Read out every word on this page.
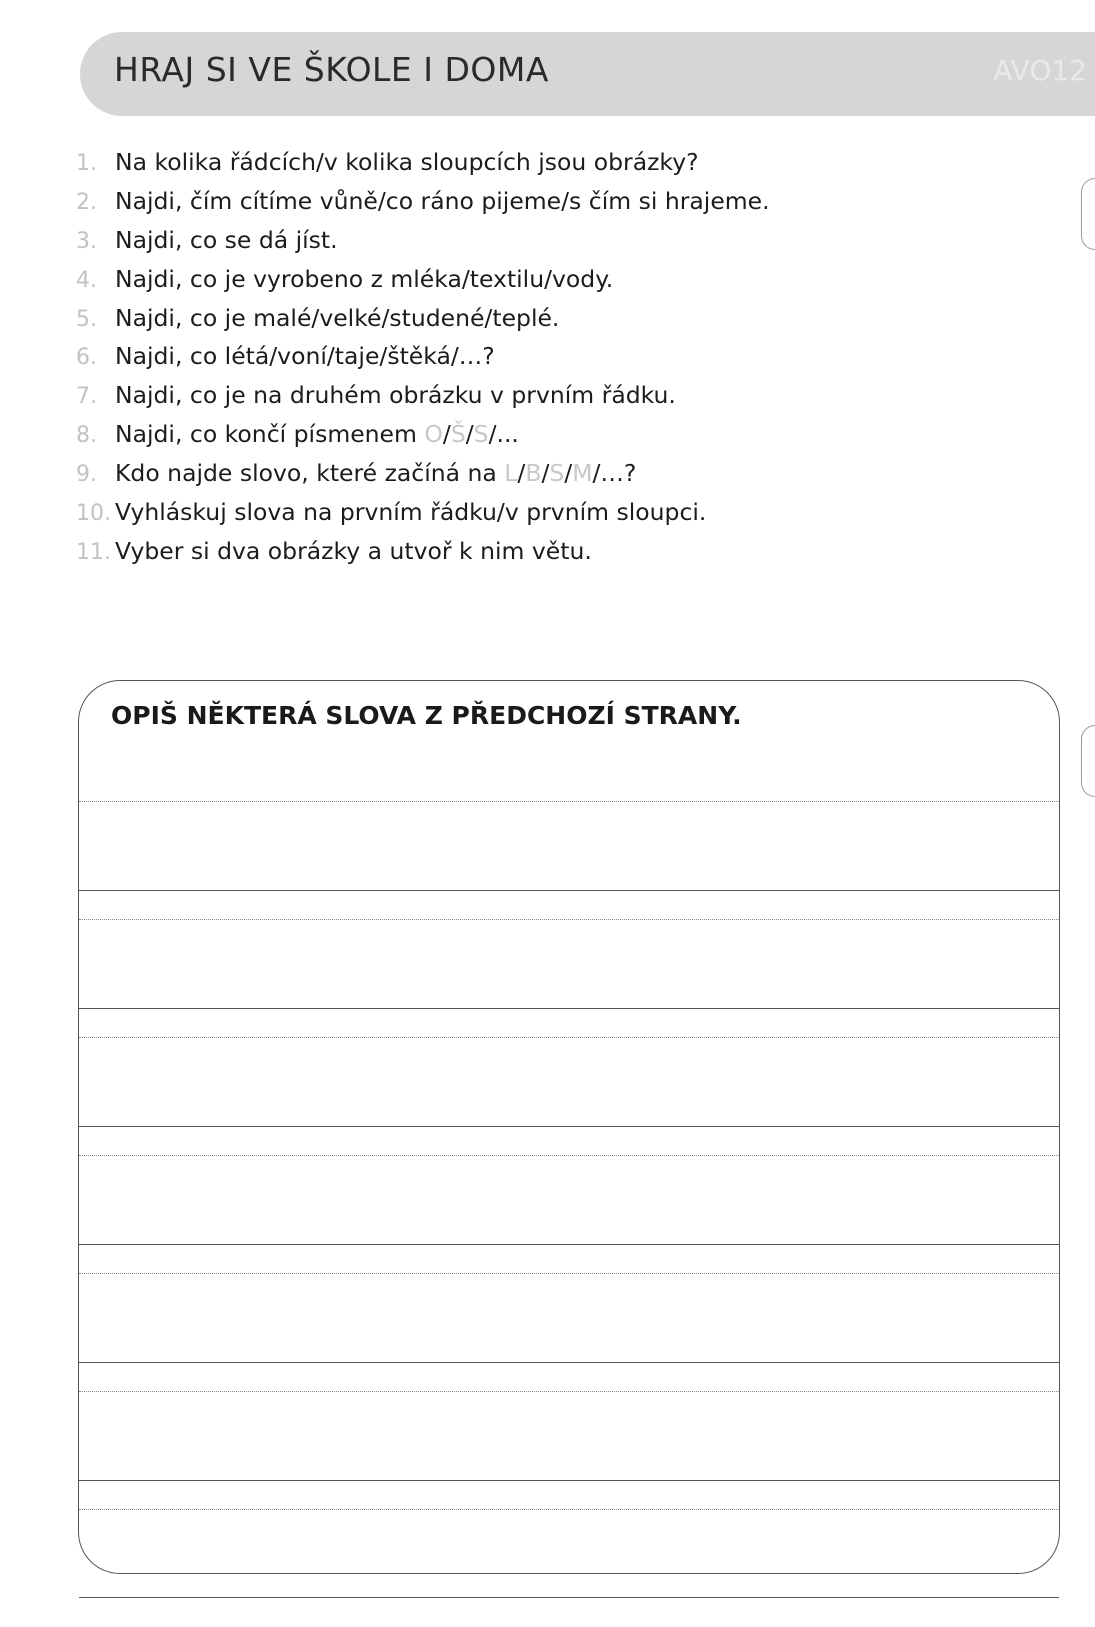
HRAJ SI VE ŠKOLE I DOMA	AVO12
1. Na kolika řádcích/v kolika sloupcích jsou obrázky?
2. Najdi, čím cítíme vůně/co ráno pijeme/s čím si hrajeme.
3. Najdi, co se dá jíst.
4. Najdi, co je vyrobeno z mléka/textilu/vody.
5. Najdi, co je malé/velké/studené/teplé.
6. Najdi, co létá/voní/taje/štěká/…?
7. Najdi, co je na druhém obrázku v prvním řádku.
8. Najdi, co končí písmenem O/Š/S/...
9. Kdo najde slovo, které začíná na L/B/S/M/…?
10. Vyhláskuj slova na prvním řádku/v prvním sloupci.
11. Vyber si dva obrázky a utvoř k nim větu.
OPIŠ NĚKTERÁ SLOVA Z PŘEDCHOZÍ STRANY.
